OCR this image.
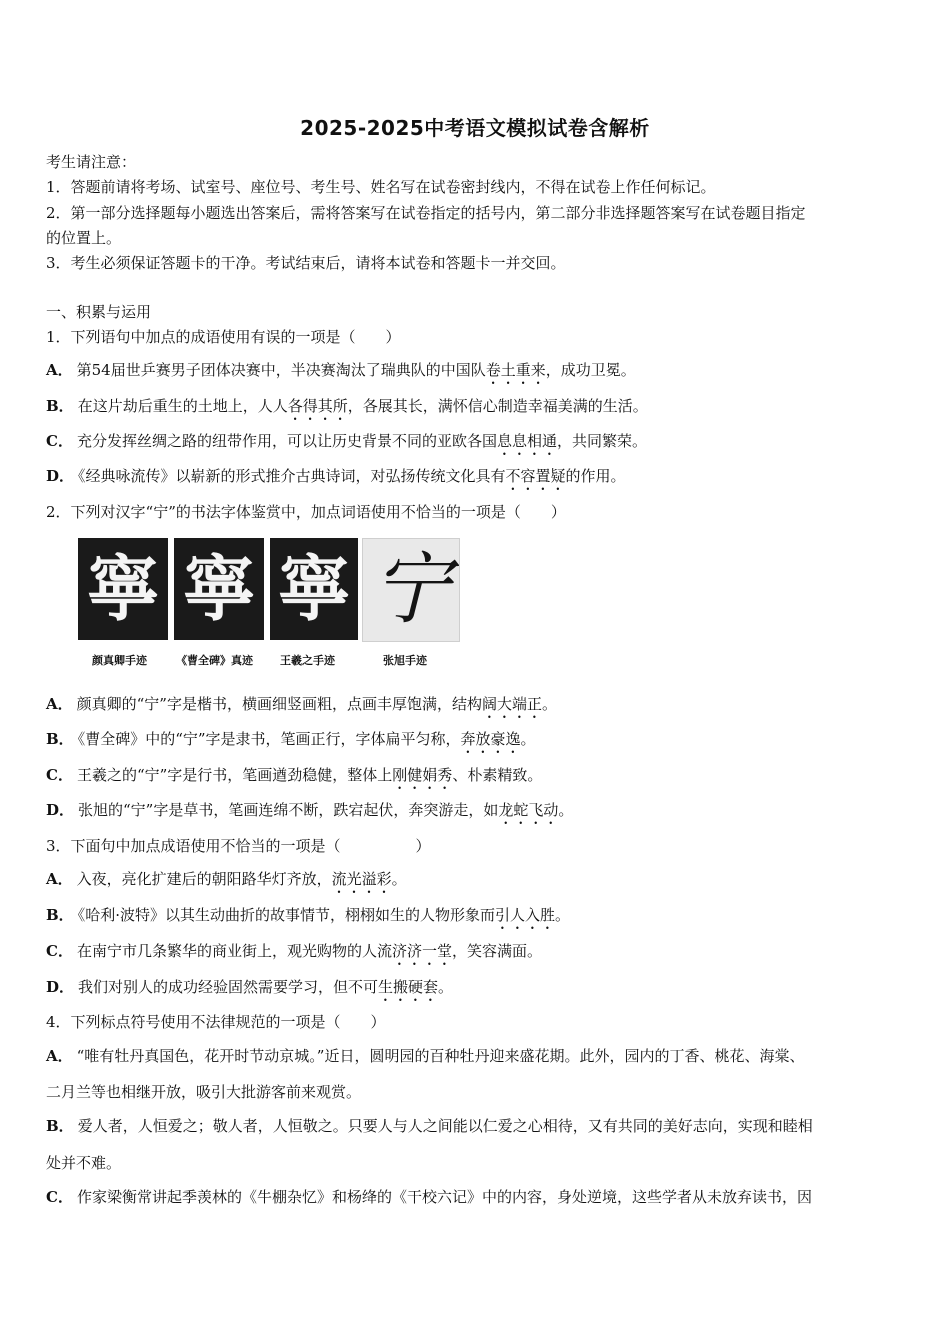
2025-2025中考语文模拟试卷含解析
考生请注意：
1．答题前请将考场、试室号、座位号、考生号、姓名写在试卷密封线内，不得在试卷上作任何标记。
2．第一部分选择题每小题选出答案后，需将答案写在试卷指定的括号内，第二部分非选择题答案写在试卷题目指定
的位置上。
3．考生必须保证答题卡的干净。考试结束后，请将本试卷和答题卡一并交回。
一、积累与运用
1．下列语句中加点的成语使用有误的一项是（　　）
A． 第54届世乒赛男子团体决赛中，半决赛淘汰了瑞典队的中国队卷土重来，成功卫冕。
B． 在这片劫后重生的土地上，人人各得其所，各展其长，满怀信心制造幸福美满的生活。
C． 充分发挥丝绸之路的纽带作用，可以让历史背景不同的亚欧各国息息相通，共同繁荣。
D． 《经典咏流传》以崭新的形式推介古典诗词，对弘扬传统文化具有不容置疑的作用。
2．下列对汉字“宁”的书法字体鉴赏中，加点词语使用不恰当的一项是（　　）
寧 寧 寧 宁
颜真卿手迹	《曹全碑》真迹 王羲之手迹	张旭手迹
A． 颜真卿的“宁”字是楷书，横画细竖画粗，点画丰厚饱满，结构阔大端正。
B． 《曹全碑》中的“宁”字是隶书，笔画正行，字体扁平匀称，奔放豪逸。
C． 王羲之的“宁”字是行书，笔画遒劲稳健，整体上刚健娟秀、朴素精致。
D． 张旭的“宁”字是草书，笔画连绵不断，跌宕起伏，奔突游走，如龙蛇飞动。
3．下面句中加点成语使用不恰当的一项是（　　　　　）
A． 入夜，亮化扩建后的朝阳路华灯齐放，流光溢彩。
B． 《哈利·波特》以其生动曲折的故事情节，栩栩如生的人物形象而引人入胜。
C． 在南宁市几条繁华的商业街上，观光购物的人流济济一堂，笑容满面。
D． 我们对别人的成功经验固然需要学习，但不可生搬硬套。
4．下列标点符号使用不法律规范的一项是（　　）
A． “唯有牡丹真国色，花开时节动京城。”近日，圆明园的百种牡丹迎来盛花期。此外，园内的丁香、桃花、海棠、
二月兰等也相继开放，吸引大批游客前来观赏。
B． 爱人者，人恒爱之；敬人者，人恒敬之。只要人与人之间能以仁爱之心相待，又有共同的美好志向，实现和睦相
处并不难。
C． 作家梁衡常讲起季羡林的《牛棚杂忆》和杨绛的《干校六记》中的内容，身处逆境，这些学者从未放弃读书，因
